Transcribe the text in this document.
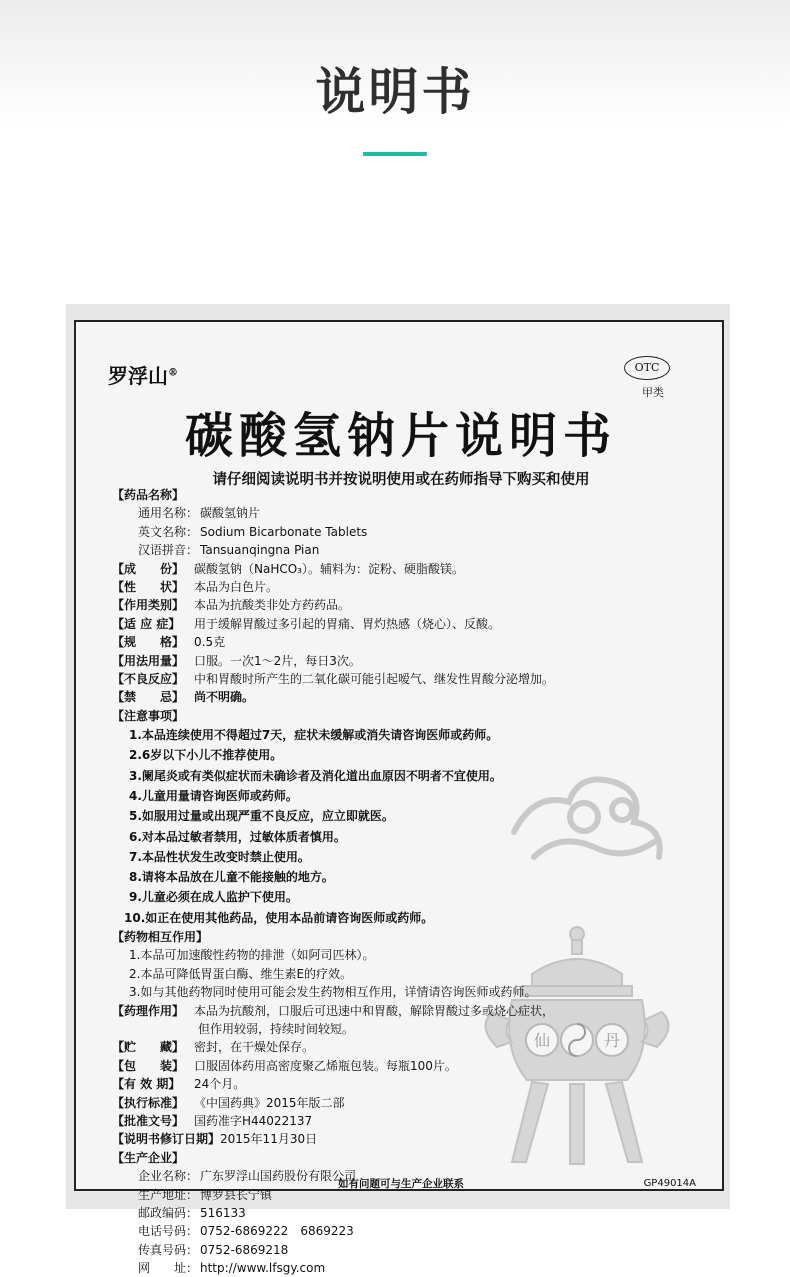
说明书
丹
仙
罗浮山®	OTC
甲类
碳酸氢钠片说明书
请仔细阅读说明书并按说明使用或在药师指导下购买和使用
【药品名称】
通用名称： 碳酸氢钠片
英文名称： Sodium Bicarbonate Tablets
汉语拼音： Tansuanqingna Pian
【成　　份】 碳酸氢钠（NaHCO₃）。辅料为：淀粉、硬脂酸镁。
【性　　状】 本品为白色片。
【作用类别】 本品为抗酸类非处方药药品。
【适 应 症】 用于缓解胃酸过多引起的胃痛、胃灼热感（烧心）、反酸。
【规　　格】 0.5克
【用法用量】 口服。一次1～2片，每日3次。
【不良反应】 中和胃酸时所产生的二氧化碳可能引起嗳气、继发性胃酸分泌增加。
【禁　　忌】 尚不明确。
【注意事项】
1.本品连续使用不得超过7天，症状未缓解或消失请咨询医师或药师。
2.6岁以下小儿不推荐使用。
3.阑尾炎或有类似症状而未确诊者及消化道出血原因不明者不宜使用。
4.儿童用量请咨询医师或药师。
5.如服用过量或出现严重不良反应，应立即就医。
6.对本品过敏者禁用，过敏体质者慎用。
7.本品性状发生改变时禁止使用。
8.请将本品放在儿童不能接触的地方。
9.儿童必须在成人监护下使用。
10.如正在使用其他药品，使用本品前请咨询医师或药师。
【药物相互作用】
1.本品可加速酸性药物的排泄（如阿司匹林）。
2.本品可降低胃蛋白酶、维生素E的疗效。
3.如与其他药物同时使用可能会发生药物相互作用，详情请咨询医师或药师。
【药理作用】 本品为抗酸剂，口服后可迅速中和胃酸，解除胃酸过多或烧心症状，
但作用较弱，持续时间较短。
【贮　　藏】 密封，在干燥处保存。
【包　　装】 口服固体药用高密度聚乙烯瓶包装。每瓶100片。
【有 效 期】 24个月。
【执行标准】 《中国药典》2015年版二部
【批准文号】 国药准字H44022137
【说明书修订日期】2015年11月30日
【生产企业】
企业名称： 广东罗浮山国药股份有限公司
生产地址： 博罗县长宁镇
邮政编码： 516133
电话号码： 0752-6869222　6869223
传真号码： 0752-6869218
网　　址： http://www.lfsgy.com
如有问题可与生产企业联系	GP49014A
